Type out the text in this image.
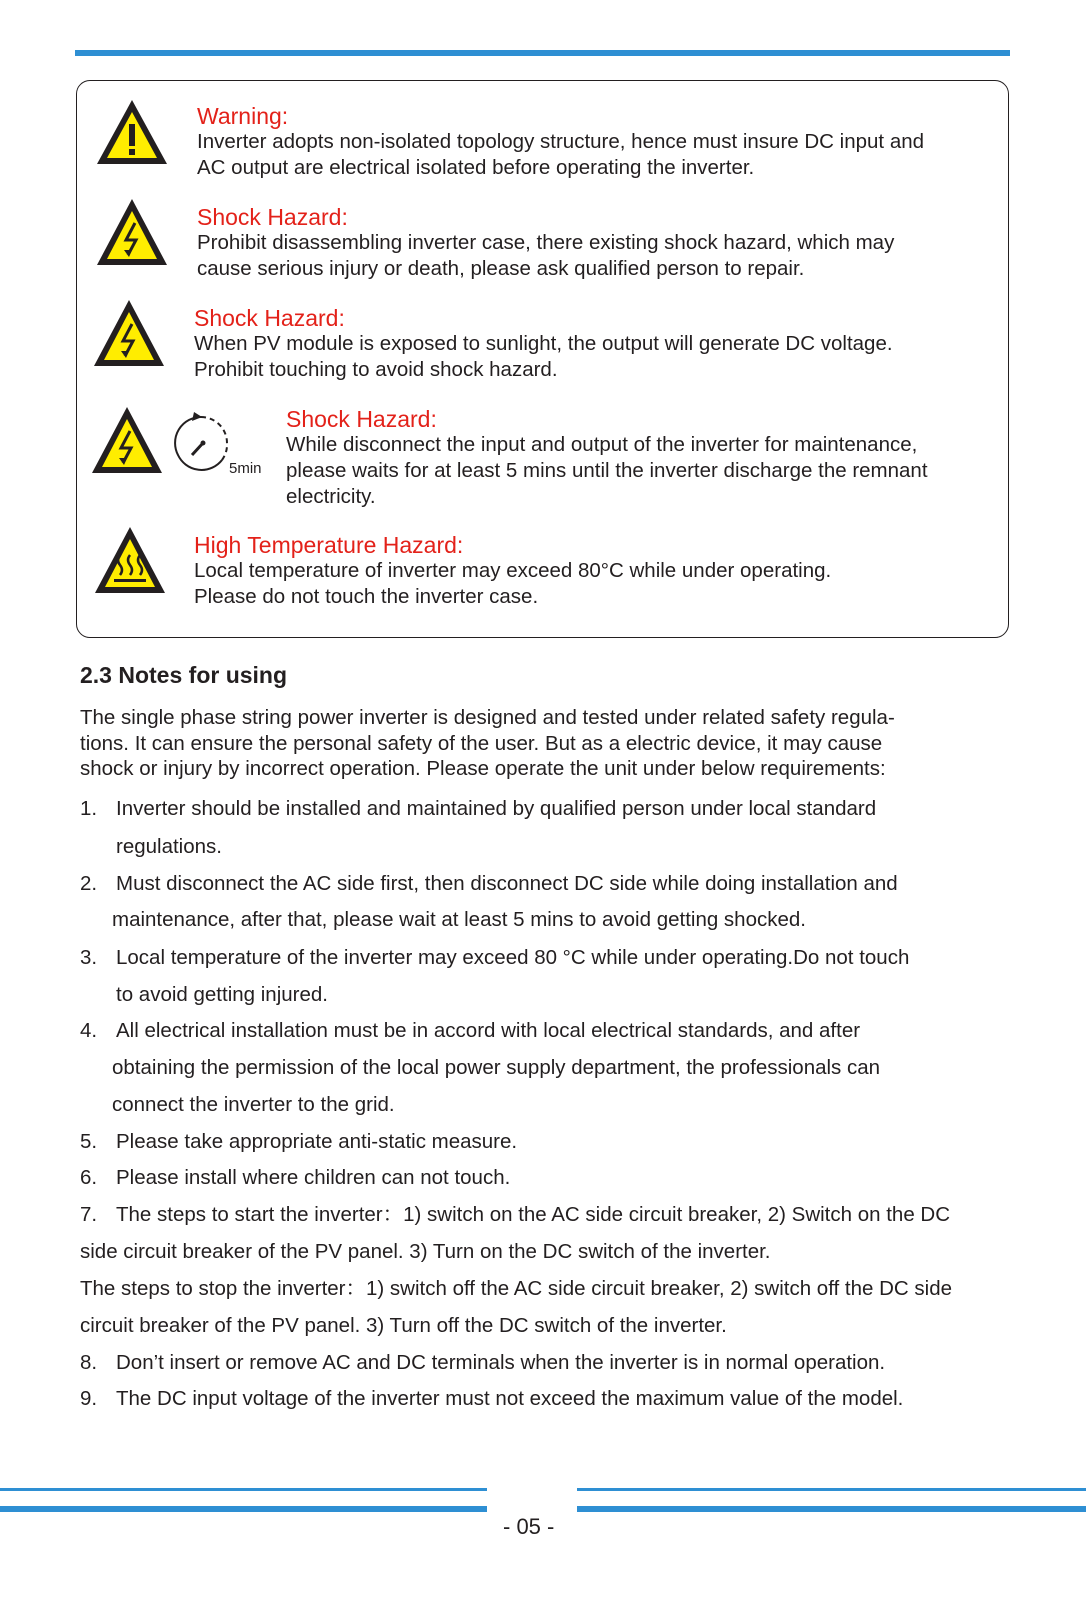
Warning:
Inverter adopts non-isolated topology structure, hence must insure DC input and
AC output are electrical isolated before operating the inverter.
Shock Hazard:
Prohibit disassembling inverter case, there existing shock hazard, which may
cause serious injury or death, please ask qualified person to repair.
Shock Hazard:
When PV module is exposed to sunlight, the output will generate DC voltage.
Prohibit touching to avoid shock hazard.
5min
Shock Hazard:
While disconnect the input and output of the inverter for maintenance,
please waits for at least 5 mins until the inverter discharge the remnant
electricity.
High Temperature Hazard:
Local temperature of inverter may exceed 80°C while under operating.
Please do not touch the inverter case.
2.3 Notes for using
The single phase string power inverter is designed and tested under related safety regula-
tions. It can ensure the personal safety of the user. But as a electric device, it may cause
shock or injury by incorrect operation. Please operate the unit under below requirements:
1. Inverter should be installed and maintained by qualified person under local standard
regulations.
2. Must disconnect the AC side first, then disconnect DC side while doing installation and
maintenance, after that, please wait at least 5 mins to avoid getting shocked.
3. Local temperature of the inverter may exceed 80 °C while under operating.Do not touch
to avoid getting injured.
4. All electrical installation must be in accord with local electrical standards, and after
obtaining the permission of the local power supply department, the professionals can
connect the inverter to the grid.
5. Please take appropriate anti-static measure.
6. Please install where children can not touch.
7. The steps to start the inverter：1) switch on the AC side circuit breaker, 2) Switch on the DC
side circuit breaker of the PV panel. 3) Turn on the DC switch of the inverter.
The steps to stop the inverter：1) switch off the AC side circuit breaker, 2) switch off the DC side
circuit breaker of the PV panel. 3) Turn off the DC switch of the inverter.
8. Don’t insert or remove AC and DC terminals when the inverter is in normal operation.
9. The DC input voltage of the inverter must not exceed the maximum value of the model.
- 05 -
